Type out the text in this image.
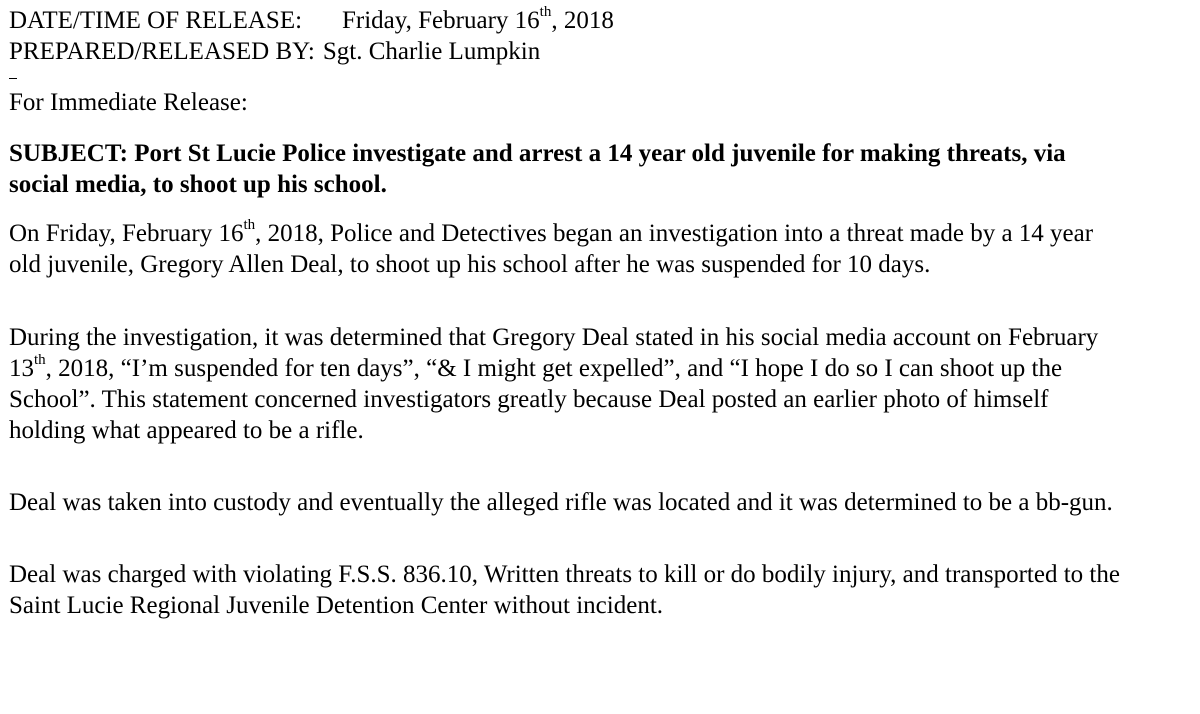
DATE/TIME OF RELEASE: Friday, February 16th, 2018
PREPARED/RELEASED BY: Sgt. Charlie Lumpkin
For Immediate Release:
SUBJECT: Port St Lucie Police investigate and arrest a 14 year old juvenile for making threats, via
social media, to shoot up his school.
On Friday, February 16th, 2018, Police and Detectives began an investigation into a threat made by a 14 year
old juvenile, Gregory Allen Deal, to shoot up his school after he was suspended for 10 days.
During the investigation, it was determined that Gregory Deal stated in his social media account on February
13th, 2018, “I’m suspended for ten days”, “& I might get expelled”, and “I hope I do so I can shoot up the
School”. This statement concerned investigators greatly because Deal posted an earlier photo of himself
holding what appeared to be a rifle.
Deal was taken into custody and eventually the alleged rifle was located and it was determined to be a bb-gun.
Deal was charged with violating F.S.S. 836.10, Written threats to kill or do bodily injury, and transported to the
Saint Lucie Regional Juvenile Detention Center without incident.
